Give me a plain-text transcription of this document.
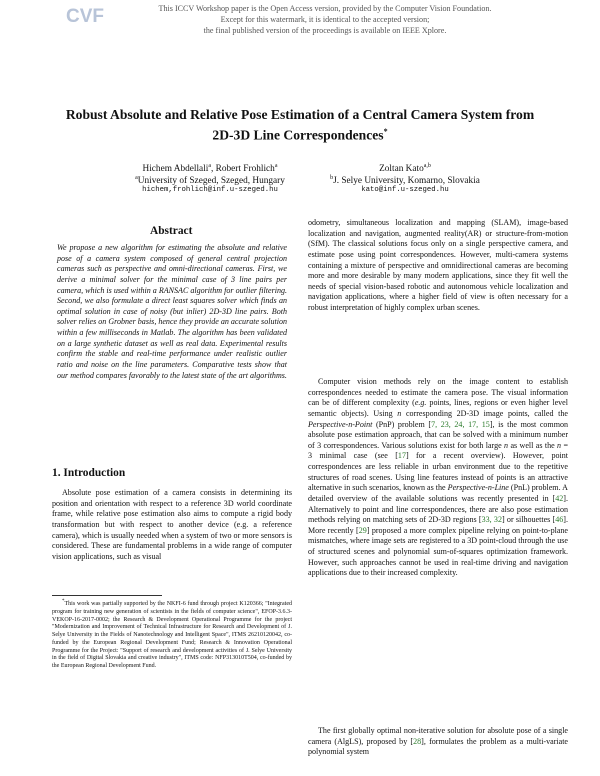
CVF	This ICCV Workshop paper is the Open Access version, provided by the Computer Vision Foundation.
Except for this watermark, it is identical to the accepted version;
the final published version of the proceedings is available on IEEE Xplore.
Robust Absolute and Relative Pose Estimation of a Central Camera System from
2D-3D Line Correspondences*
Hichem Abdellali$^a$, Robert Frohlich$^a$
$^a$University of Szeged, Szeged, Hungary
hichem,frohlich@inf.u-szeged.hu
Zoltan Kato$^{a,b}$
$^b$J. Selye University, Komarno, Slovakia
kato@inf.u-szeged.hu
Abstract
We propose a new algorithm for estimating the absolute and relative pose of a camera system composed of general central projection cameras such as perspective and omni-directional cameras. First, we derive a minimal solver for the minimal case of 3 line pairs per camera, which is used within a RANSAC algorithm for outlier filtering. Second, we also formulate a direct least squares solver which finds an optimal solution in case of noisy (but inlier) 2D-3D line pairs. Both solver relies on Grobner basis, hence they provide an accurate solution within a few milliseconds in Matlab. The algorithm has been validated on a large synthetic dataset as well as real data. Experimental results confirm the stable and real-time performance under realistic outlier ratio and noise on the line parameters. Comparative tests show that our method compares favorably to the latest state of the art algorithms.
1. Introduction

Absolute pose estimation of a camera consists in determining its position and orientation with respect to a reference 3D world coordinate frame, while relative pose estimation also aims to compute a rigid body transformation but with respect to another device (e.g. a reference camera), which is usually needed when a system of two or more sensors is considered. These are fundamental problems in a wide range of computer vision applications, such as visual

*This work was partially supported by the NKFI-6 fund through project K120366; "Integrated program for training new generation of scientists in the fields of computer science", EFOP-3.6.3-VEKOP-16-2017-0002; the Research & Development Operational Programme for the project "Modernization and Improvement of Technical Infrastructure for Research and Development of J. Selye University in the Fields of Nanotechnology and Intelligent Space", ITMS 26210120042, co-funded by the European Regional Development Fund; Research & Innovation Operational Programme for the Project: "Support of research and development activities of J. Selye University in the field of Digital Slovakia and creative industry", ITMS code: NFP313010T504, co-funded by the European Regional Development Fund.

odometry, simultaneous localization and mapping (SLAM), image-based localization and navigation, augmented reality(AR) or structure-from-motion (SfM). The classical solutions focus only on a single perspective camera, and estimate pose using point correspondences. However, multi-camera systems containing a mixture of perspective and omnidirectional cameras are becoming more and more desirable by many modern applications, since they fit well the needs of special vision-based robotic and autonomous vehicle localization and navigation applications, where a higher field of view is often necessary for a robust interpretation of highly complex urban scenes.

Computer vision methods rely on the image content to establish correspondences needed to estimate the camera pose. The visual information can be of different complexity (e.g. points, lines, regions or even higher level semantic objects). Using n corresponding 2D-3D image points, called the Perspective-n-Point (PnP) problem [7, 23, 24, 17, 15], is the most common absolute pose estimation approach, that can be solved with a minimum number of 3 correspondences. Various solutions exist for both large n as well as the n = 3 minimal case (see [17] for a recent overview). However, point correspondences are less reliable in urban environment due to the repetitive structures of road scenes. Using line features instead of points is an attractive alternative in such scenarios, known as the Perspective-n-Line (PnL) problem. A detailed overview of the available solutions was recently presented in [42]. Alternatively to point and line correspondences, there are also pose estimation methods relying on matching sets of 2D-3D regions [33, 32] or silhouettes [46]. More recently [29] proposed a more complex pipeline relying on point-to-plane mismatches, where image sets are registered to a 3D point-cloud through the use of structured scenes and polynomial sum-of-squares optimization framework. However, such approaches cannot be used in real-time driving and navigation applications due to their increased complexity.

The first globally optimal non-iterative solution for absolute pose of a single camera (AlgLS), proposed by [28], formulates the problem as a multi-variate polynomial system
